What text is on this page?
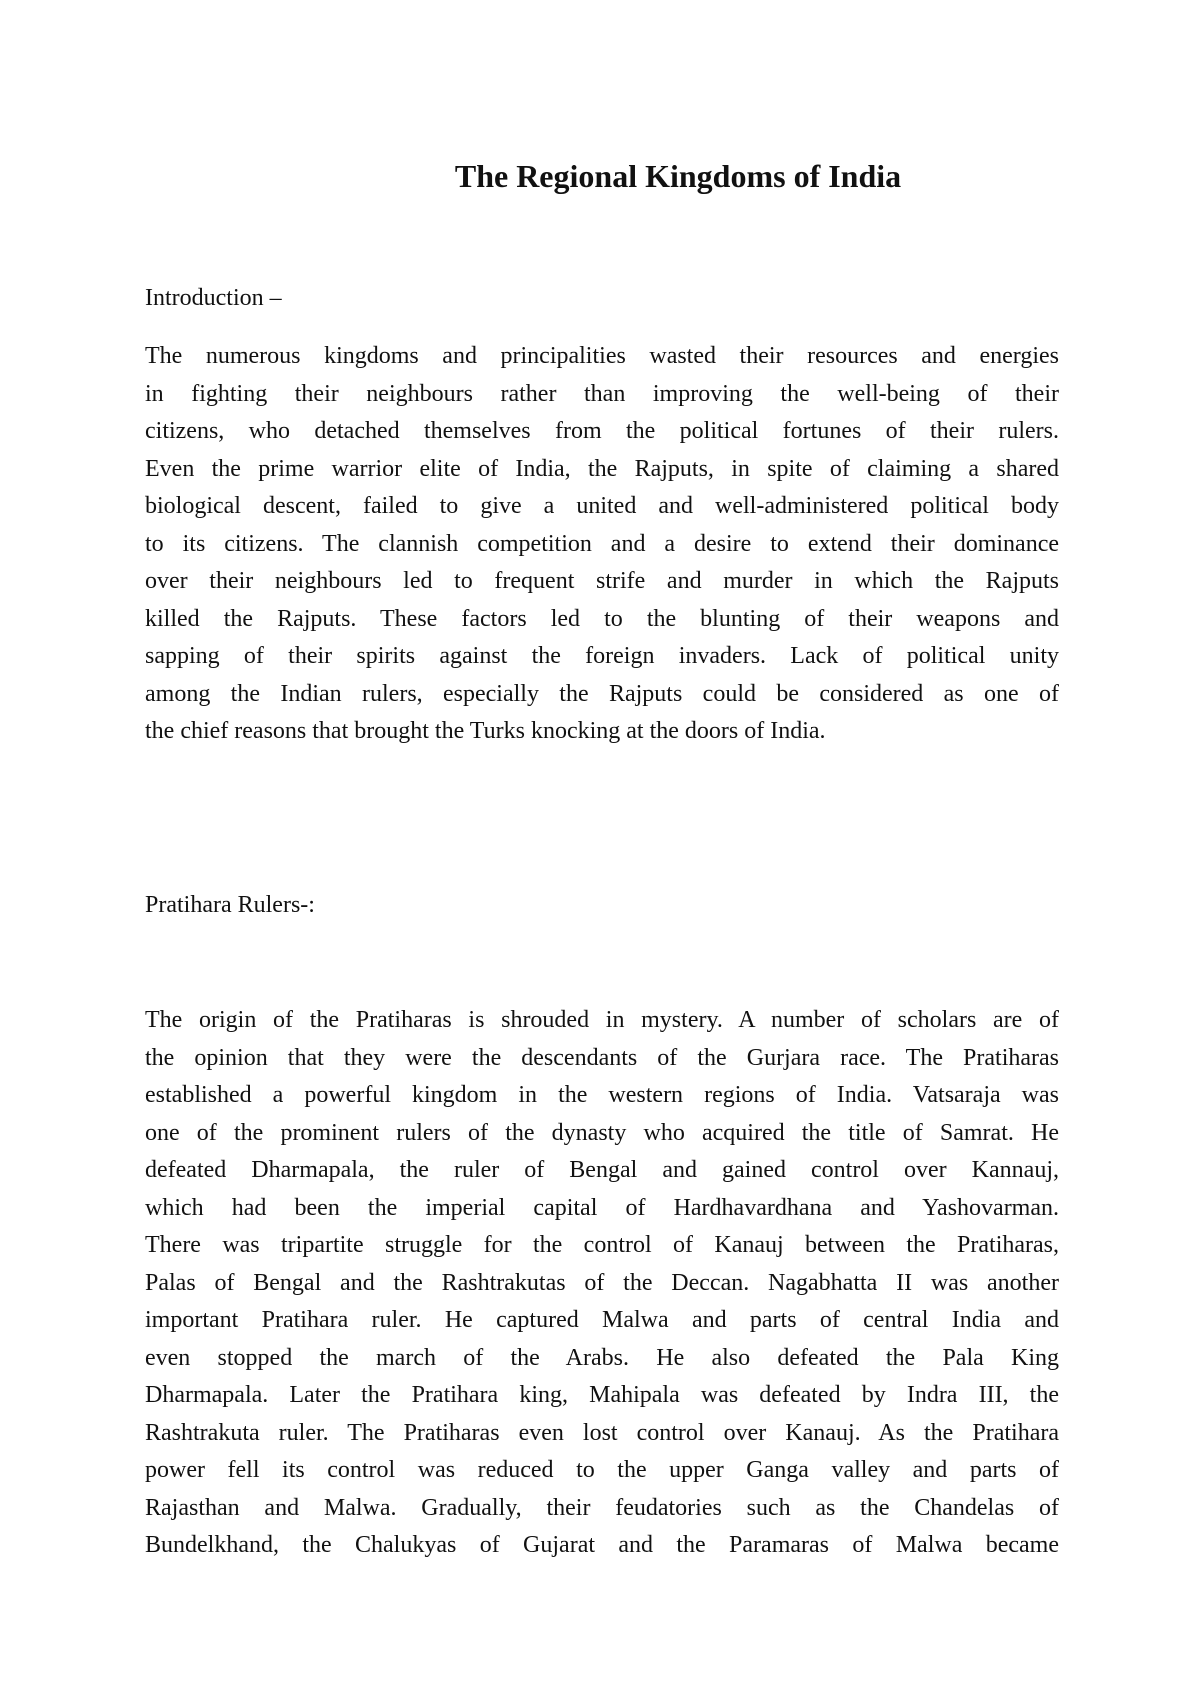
The Regional Kingdoms of India
Introduction –
The numerous kingdoms and principalities wasted their resources and energies
in fighting their neighbours rather than improving the well-being of their
citizens, who detached themselves from the political fortunes of their rulers.
Even the prime warrior elite of India, the Rajputs, in spite of claiming a shared
biological descent, failed to give a united and well-administered political body
to its citizens. The clannish competition and a desire to extend their dominance
over their neighbours led to frequent strife and murder in which the Rajputs
killed the Rajputs. These factors led to the blunting of their weapons and
sapping of their spirits against the foreign invaders. Lack of political unity
among the Indian rulers, especially the Rajputs could be considered as one of
the chief reasons that brought the Turks knocking at the doors of India.
Pratihara Rulers-:
The origin of the Pratiharas is shrouded in mystery. A number of scholars are of
the opinion that they were the descendants of the Gurjara race. The Pratiharas
established a powerful kingdom in the western regions of India. Vatsaraja was
one of the prominent rulers of the dynasty who acquired the title of Samrat. He
defeated Dharmapala, the ruler of Bengal and gained control over Kannauj,
which had been the imperial capital of Hardhavardhana and Yashovarman.
There was tripartite struggle for the control of Kanauj between the Pratiharas,
Palas of Bengal and the Rashtrakutas of the Deccan. Nagabhatta II was another
important Pratihara ruler. He captured Malwa and parts of central India and
even stopped the march of the Arabs. He also defeated the Pala King
Dharmapala. Later the Pratihara king, Mahipala was defeated by Indra III, the
Rashtrakuta ruler. The Pratiharas even lost control over Kanauj. As the Pratihara
power fell its control was reduced to the upper Ganga valley and parts of
Rajasthan and Malwa. Gradually, their feudatories such as the Chandelas of
Bundelkhand, the Chalukyas of Gujarat and the Paramaras of Malwa became
